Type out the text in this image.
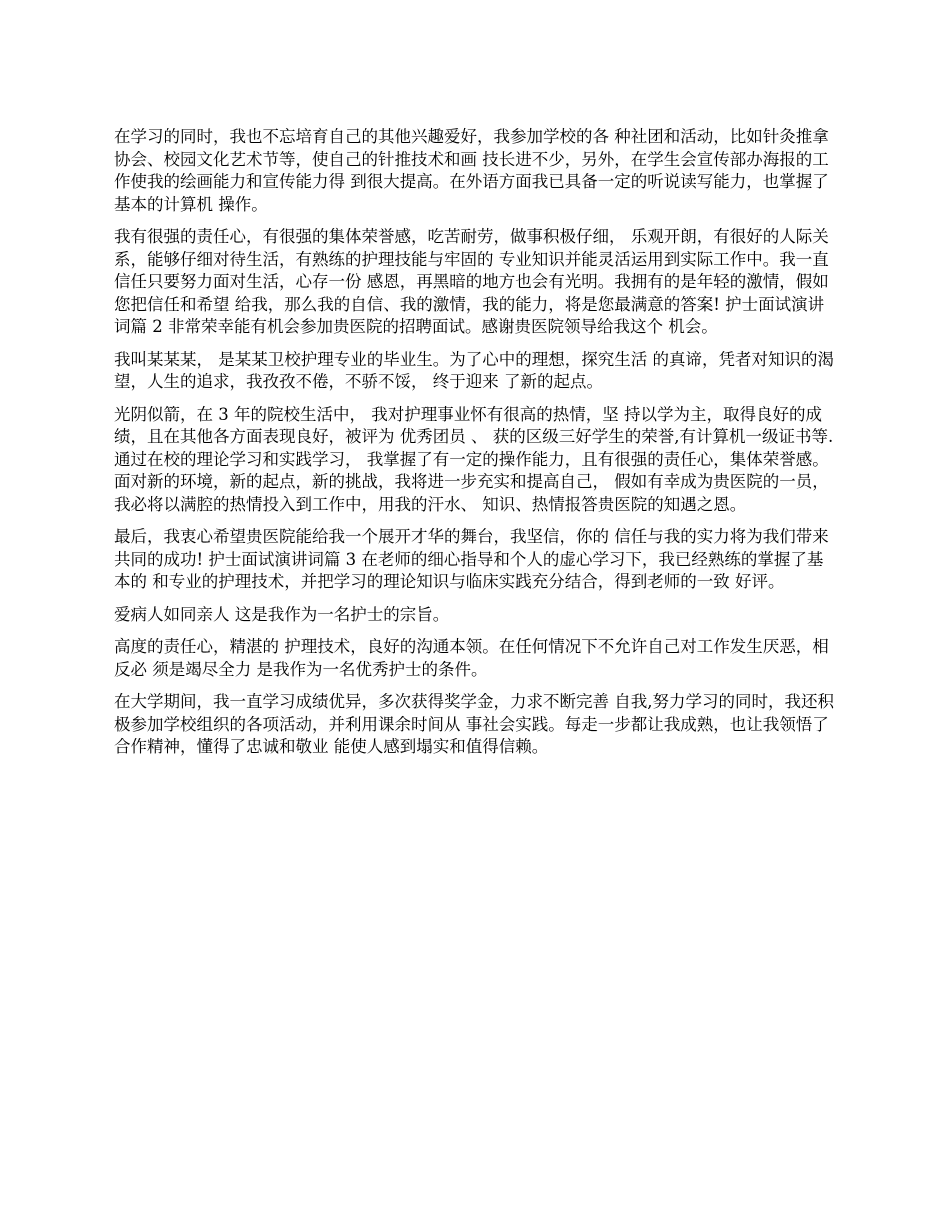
在学习的同时，我也不忘培育自己的其他兴趣爱好，我参加学校的各 种社团和活动，比如针灸推拿协会、校园文化艺术节等，使自己的针推技术和画 技长进不少，另外，在学生会宣传部办海报的工作使我的绘画能力和宣传能力得 到很大提高。在外语方面我已具备一定的听说读写能力，也掌握了基本的计算机 操作。

我有很强的责任心，有很强的集体荣誉感，吃苦耐劳，做事积极仔细， 乐观开朗，有很好的人际关系，能够仔细对待生活，有熟练的护理技能与牢固的 专业知识并能灵活运用到实际工作中。我一直信任只要努力面对生活，心存一份 感恩，再黑暗的地方也会有光明。我拥有的是年轻的激情，假如您把信任和希望 给我，那么我的自信、我的激情，我的能力，将是您最满意的答案! 护士面试演讲词篇 2 非常荣幸能有机会参加贵医院的招聘面试。感谢贵医院领导给我这个 机会。

我叫某某某， 是某某卫校护理专业的毕业生。为了心中的理想，探究生活 的真谛，凭者对知识的渴望，人生的追求，我孜孜不倦，不骄不馁， 终于迎来 了新的起点。

光阴似箭，在 3 年的院校生活中， 我对护理事业怀有很高的热情，坚 持以学为主，取得良好的成绩，且在其他各方面表现良好，被评为 优秀团员 、 获的区级三好学生的荣誉,有计算机一级证书等.通过在校的理论学习和实践学习， 我掌握了有一定的操作能力，且有很强的责任心，集体荣誉感。面对新的环境，新的起点，新的挑战，我将进一步充实和提高自己， 假如有幸成为贵医院的一员，我必将以满腔的热情投入到工作中，用我的汗水、 知识、热情报答贵医院的知遇之恩。

最后，我衷心希望贵医院能给我一个展开才华的舞台，我坚信，你的 信任与我的实力将为我们带来共同的成功! 护士面试演讲词篇 3 在老师的细心指导和个人的虚心学习下，我已经熟练的掌握了基本的 和专业的护理技术，并把学习的理论知识与临床实践充分结合，得到老师的一致 好评。

爱病人如同亲人 这是我作为一名护士的宗旨。

高度的责任心，精湛的 护理技术，良好的沟通本领。在任何情况下不允许自己对工作发生厌恶，相反必 须是竭尽全力 是我作为一名优秀护士的条件。

在大学期间，我一直学习成绩优异，多次获得奖学金，力求不断完善 自我,努力学习的同时，我还积极参加学校组织的各项活动，并利用课余时间从 事社会实践。每走一步都让我成熟，也让我领悟了合作精神，懂得了忠诚和敬业 能使人感到塌实和值得信赖。
